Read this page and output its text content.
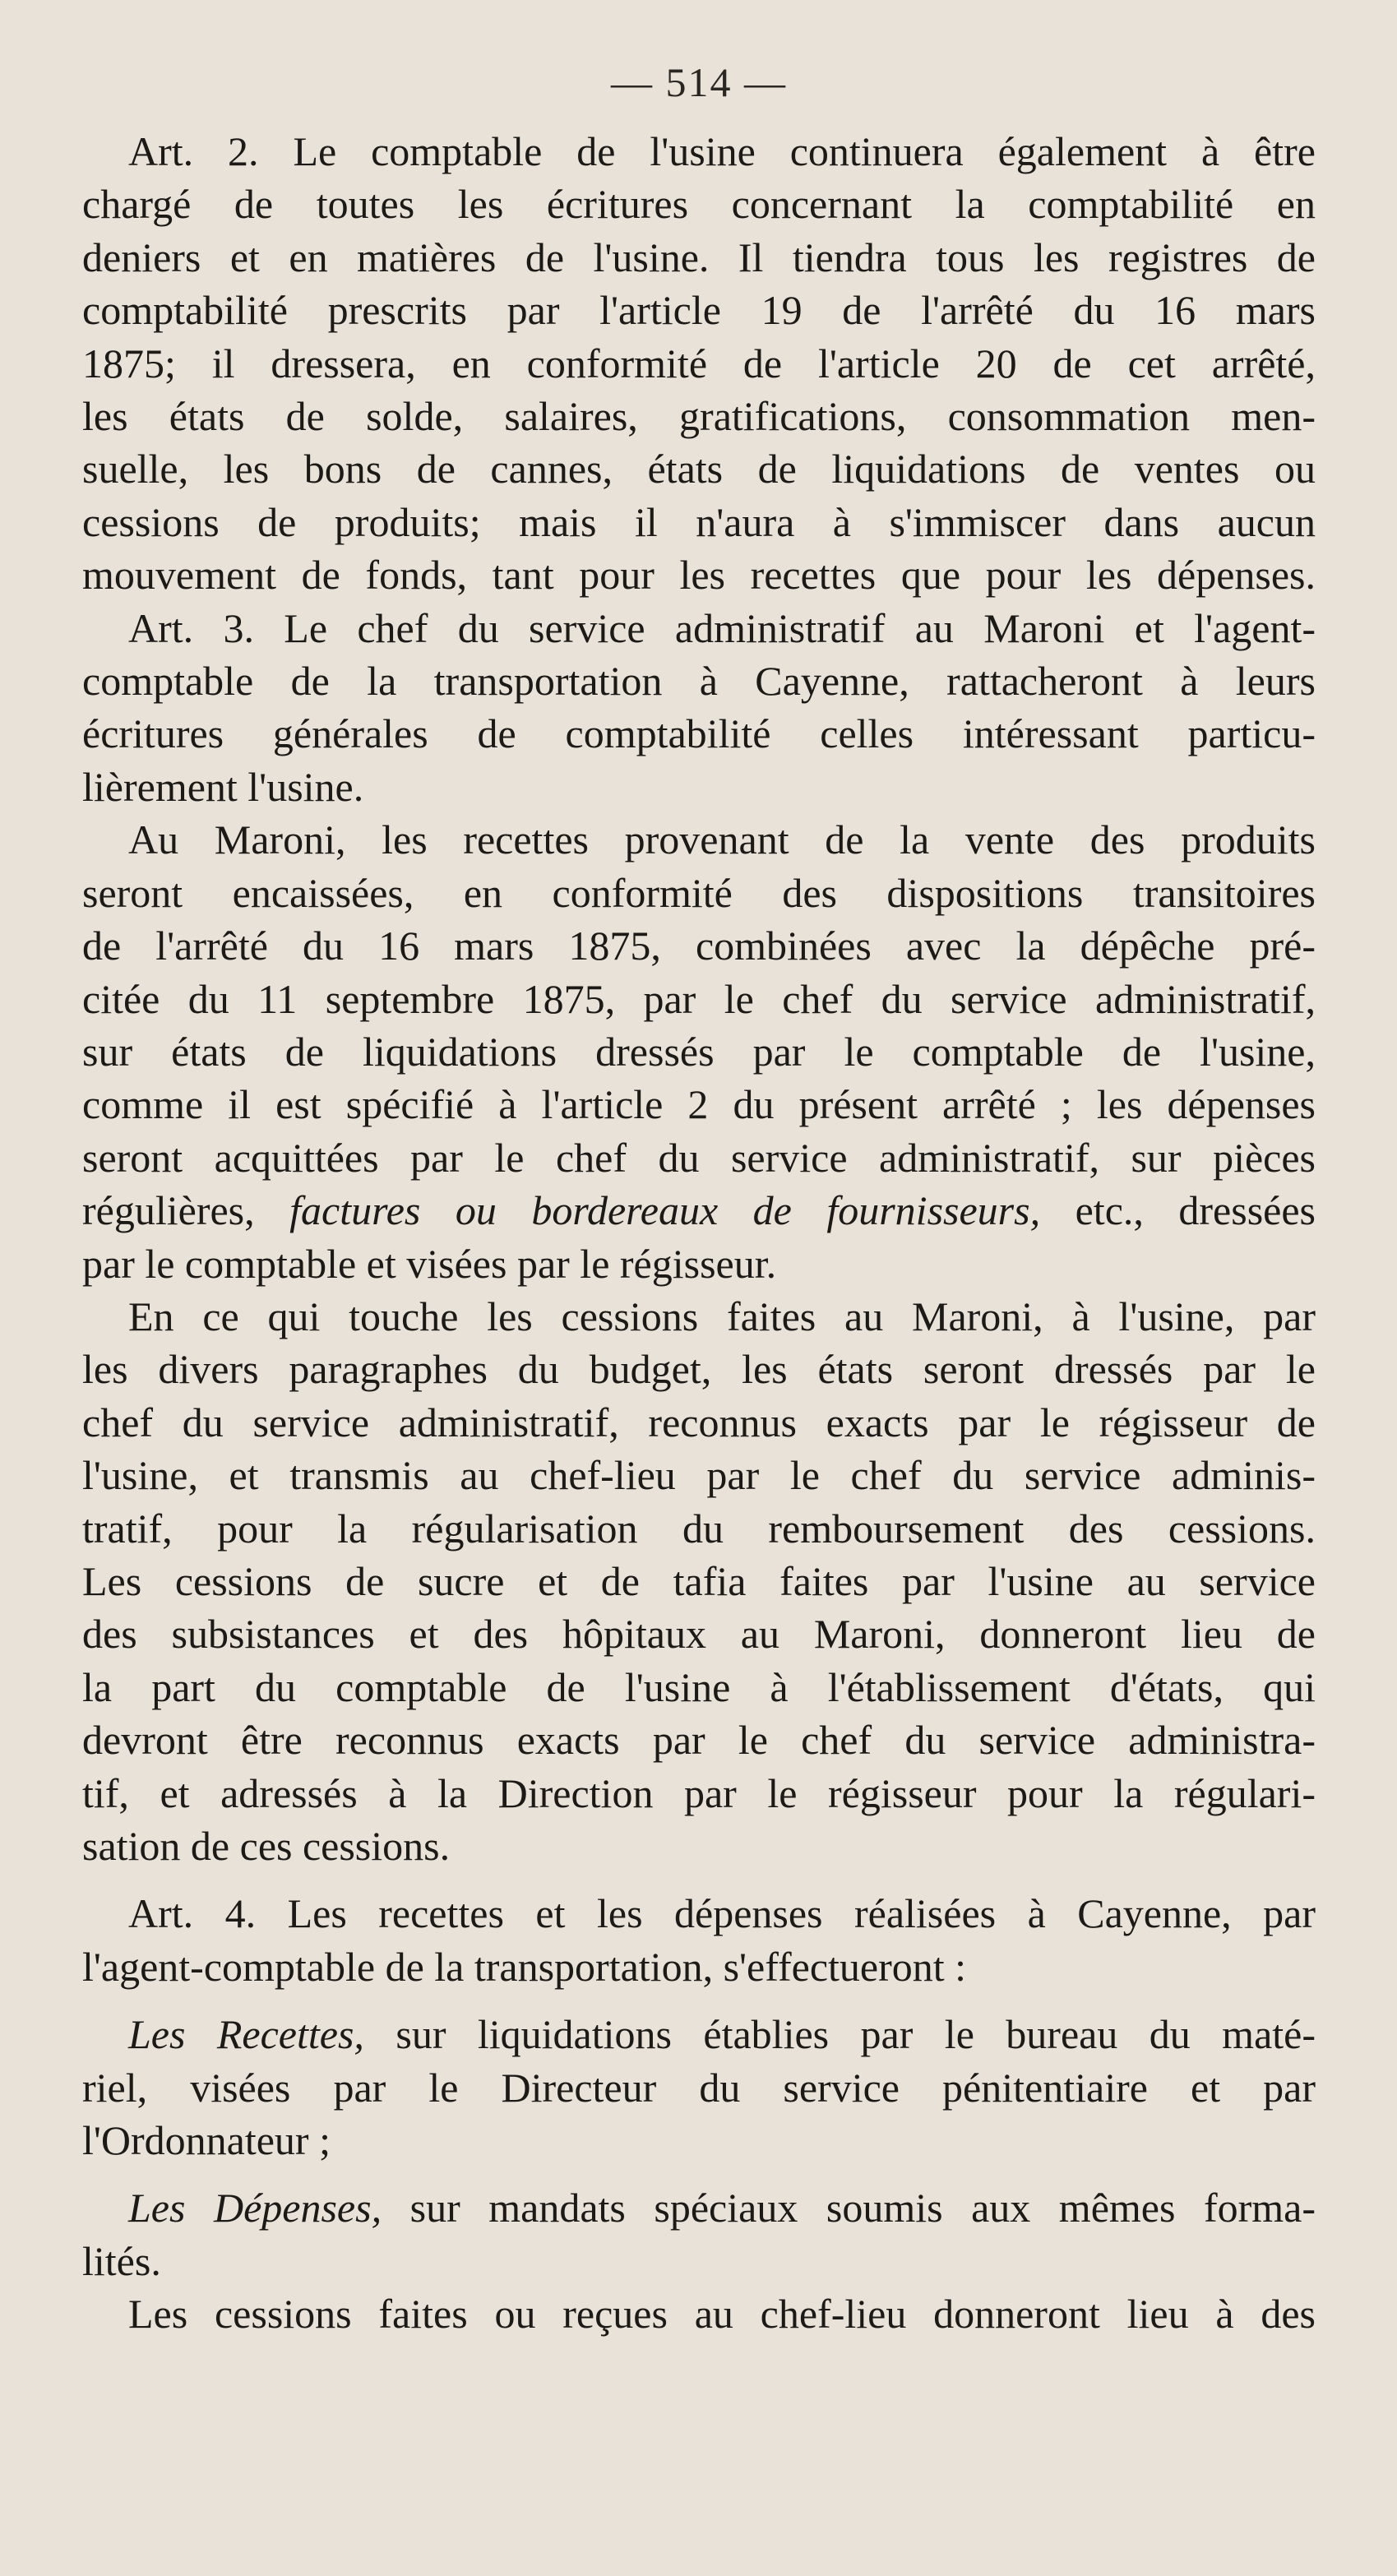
— 514 —

Art. 2. Le comptable de l'usine continuera également à être
chargé de toutes les écritures concernant la comptabilité en
deniers et en matières de l'usine. Il tiendra tous les registres de
comptabilité prescrits par l'article 19 de l'arrêté du 16 mars
1875; il dressera, en conformité de l'article 20 de cet arrêté,
les états de solde, salaires, gratifications, consommation men-
suelle, les bons de cannes, états de liquidations de ventes ou
cessions de produits; mais il n'aura à s'immiscer dans aucun
mouvement de fonds, tant pour les recettes que pour les dépenses.

Art. 3. Le chef du service administratif au Maroni et l'agent-
comptable de la transportation à Cayenne, rattacheront à leurs
écritures générales de comptabilité celles intéressant particu-
lièrement l'usine.

Au Maroni, les recettes provenant de la vente des produits
seront encaissées, en conformité des dispositions transitoires
de l'arrêté du 16 mars 1875, combinées avec la dépêche pré-
citée du 11 septembre 1875, par le chef du service administratif,
sur états de liquidations dressés par le comptable de l'usine,
comme il est spécifié à l'article 2 du présent arrêté ; les dépenses
seront acquittées par le chef du service administratif, sur pièces
régulières, factures ou bordereaux de fournisseurs, etc., dressées
par le comptable et visées par le régisseur.

En ce qui touche les cessions faites au Maroni, à l'usine, par
les divers paragraphes du budget, les états seront dressés par le
chef du service administratif, reconnus exacts par le régisseur de
l'usine, et transmis au chef-lieu par le chef du service adminis-
tratif, pour la régularisation du remboursement des cessions.
Les cessions de sucre et de tafia faites par l'usine au service
des subsistances et des hôpitaux au Maroni, donneront lieu de
la part du comptable de l'usine à l'établissement d'états, qui
devront être reconnus exacts par le chef du service administra-
tif, et adressés à la Direction par le régisseur pour la régulari-
sation de ces cessions.

Art. 4. Les recettes et les dépenses réalisées à Cayenne, par
l'agent-comptable de la transportation, s'effectueront :

Les Recettes, sur liquidations établies par le bureau du maté-
riel, visées par le Directeur du service pénitentiaire et par
l'Ordonnateur ;

Les Dépenses, sur mandats spéciaux soumis aux mêmes forma-
lités.

Les cessions faites ou reçues au chef-lieu donneront lieu à des
